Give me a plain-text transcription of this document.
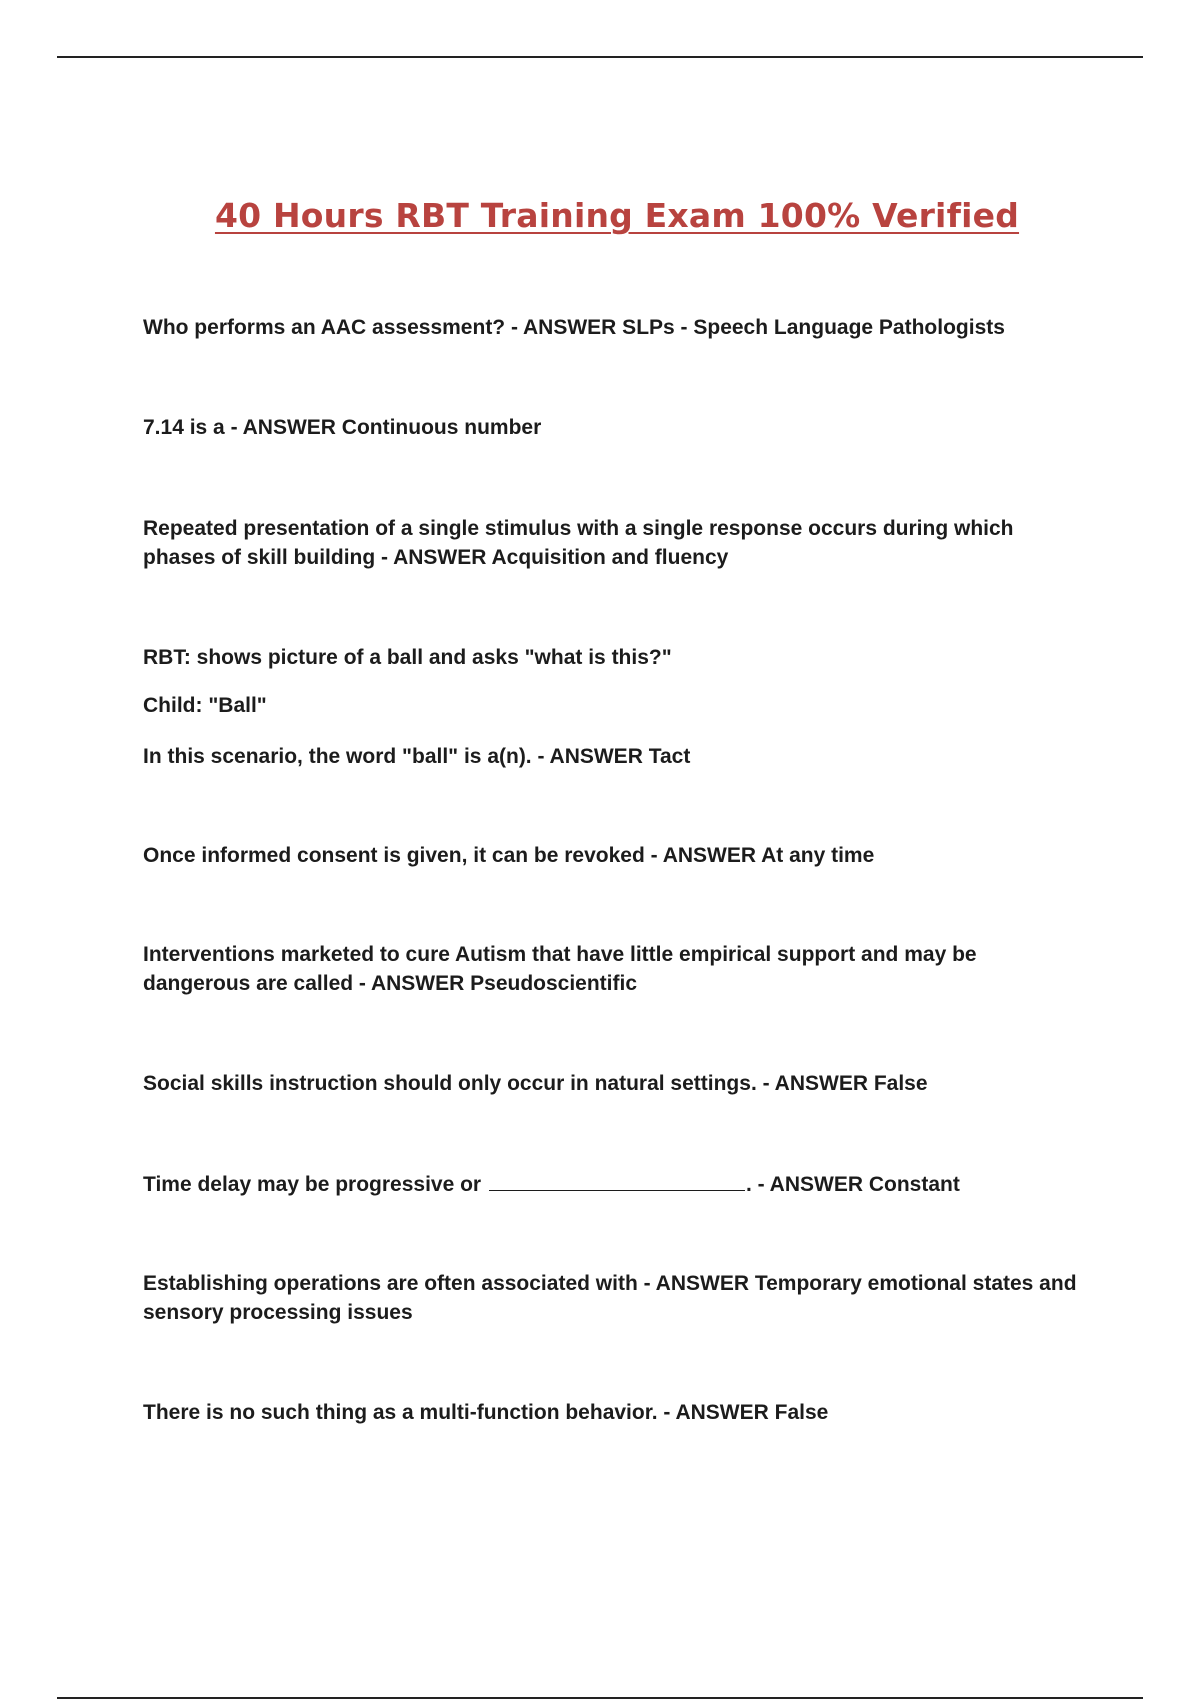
40 Hours RBT Training Exam 100% Verified

Who performs an AAC assessment? - ANSWER SLPs - Speech Language Pathologists

7.14 is a - ANSWER Continuous number

Repeated presentation of a single stimulus with a single response occurs during which phases of skill building - ANSWER Acquisition and fluency

RBT: shows picture of a ball and asks "what is this?"

Child: "Ball"

In this scenario, the word "ball" is a(n). - ANSWER Tact

Once informed consent is given, it can be revoked - ANSWER At any time

Interventions marketed to cure Autism that have little empirical support and may be dangerous are called - ANSWER Pseudoscientific

Social skills instruction should only occur in natural settings. - ANSWER False

Time delay may be progressive or	. - ANSWER Constant

Establishing operations are often associated with - ANSWER Temporary emotional states and sensory processing issues

There is no such thing as a multi-function behavior. - ANSWER False
